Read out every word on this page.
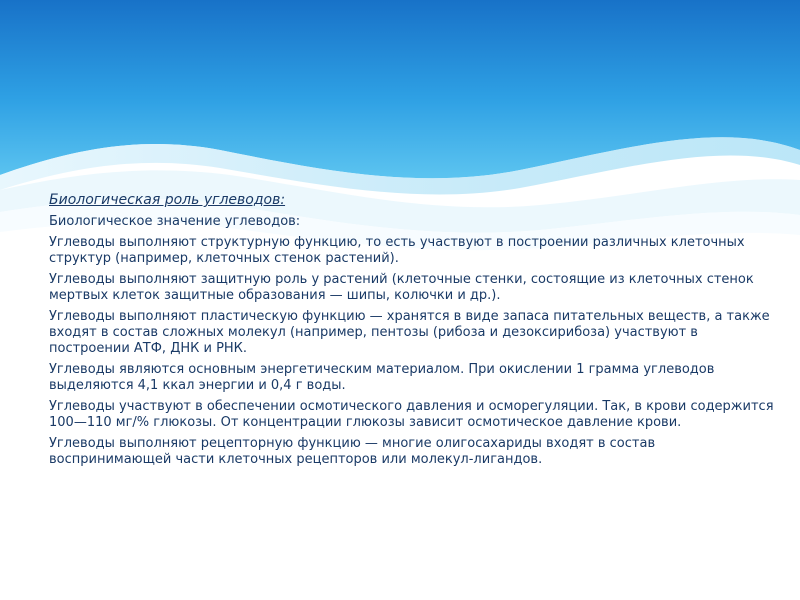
Биологическая роль углеводов:

Биологическое значение углеводов:

Углеводы выполняют структурную функцию, то есть участвуют в построении различных клеточных структур (например, клеточных стенок растений).

Углеводы выполняют защитную роль у растений (клеточные стенки, состоящие из клеточных стенок мертвых клеток защитные образования — шипы, колючки и др.).

Углеводы выполняют пластическую функцию — хранятся в виде запаса питательных веществ, а также входят в состав сложных молекул (например, пентозы (рибоза и дезоксирибоза) участвуют в построении АТФ, ДНК и РНК.

Углеводы являются основным энергетическим материалом. При окислении 1 грамма углеводов выделяются 4,1 ккал энергии и 0,4 г воды.

Углеводы участвуют в обеспечении осмотического давления и осморегуляции. Так, в крови содержится 100—110 мг/% глюкозы. От концентрации глюкозы зависит осмотическое давление крови.

Углеводы выполняют рецепторную функцию — многие олигосахариды входят в состав воспринимающей части клеточных рецепторов или молекул-лигандов.
